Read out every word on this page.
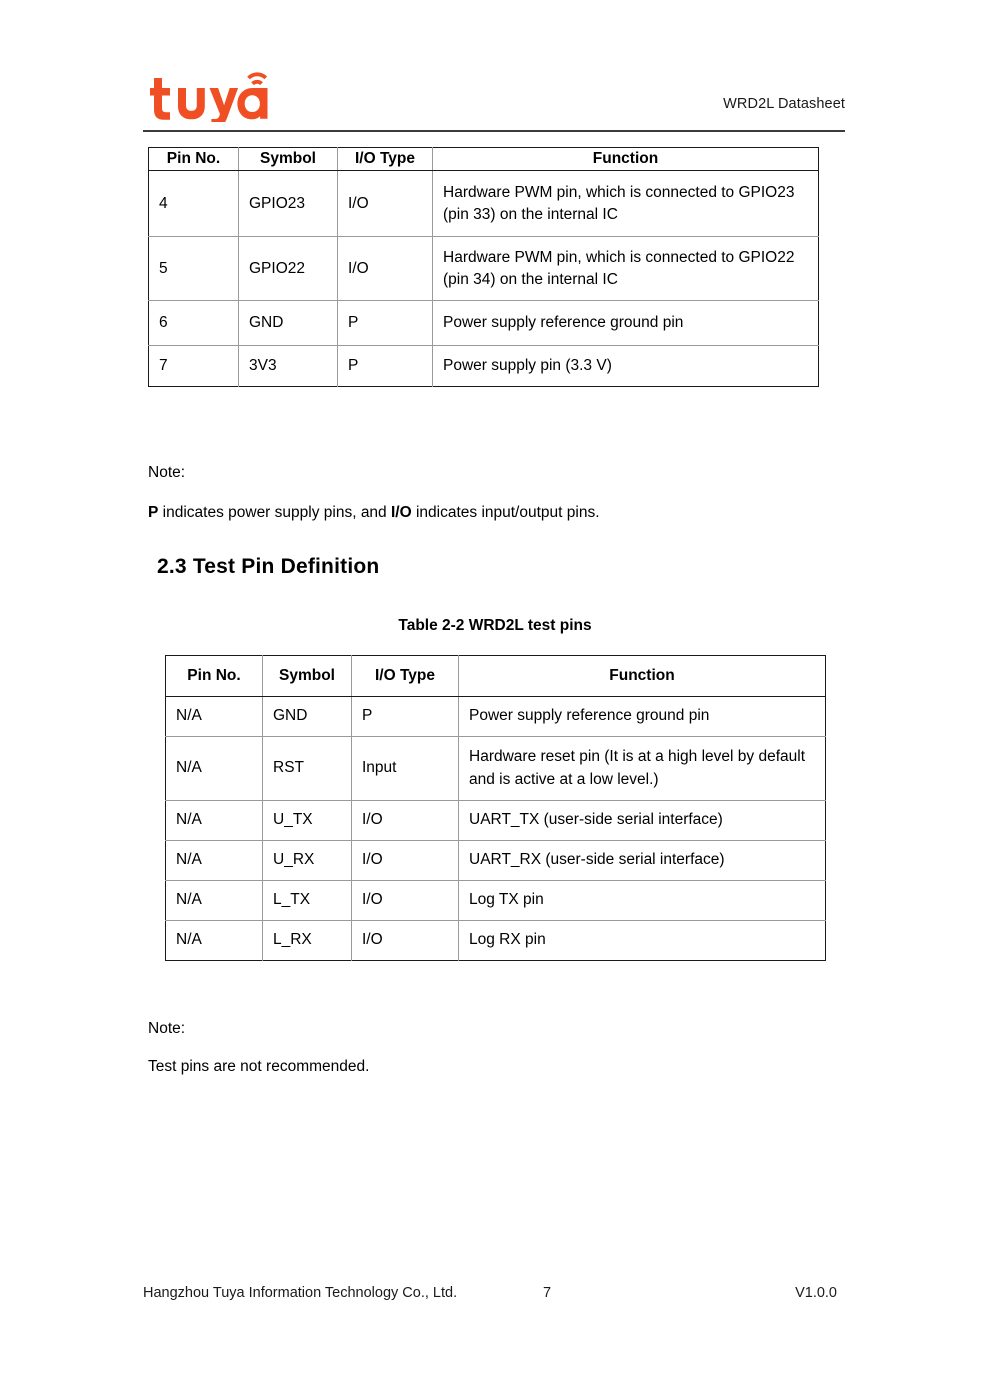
WRD2L Datasheet
Pin No.	Symbol	I/O Type	Function
4	GPIO23	I/O	Hardware PWM pin, which is connected to GPIO23 (pin 33) on the internal IC
5	GPIO22	I/O	Hardware PWM pin, which is connected to GPIO22 (pin 34) on the internal IC
6	GND	P	Power supply reference ground pin
7	3V3	P	Power supply pin (3.3 V)
Note:
P indicates power supply pins, and I/O indicates input/output pins.
2.3 Test Pin Definition
Table 2-2 WRD2L test pins
Pin No.	Symbol	I/O Type	Function
N/A	GND	P	Power supply reference ground pin
N/A	RST	Input	Hardware reset pin (It is at a high level by default and is active at a low level.)
N/A	U_TX	I/O	UART_TX (user-side serial interface)
N/A	U_RX	I/O	UART_RX (user-side serial interface)
N/A	L_TX	I/O	Log TX pin
N/A	L_RX	I/O	Log RX pin
Note:
Test pins are not recommended.
Hangzhou Tuya Information Technology Co., Ltd.	7	V1.0.0
